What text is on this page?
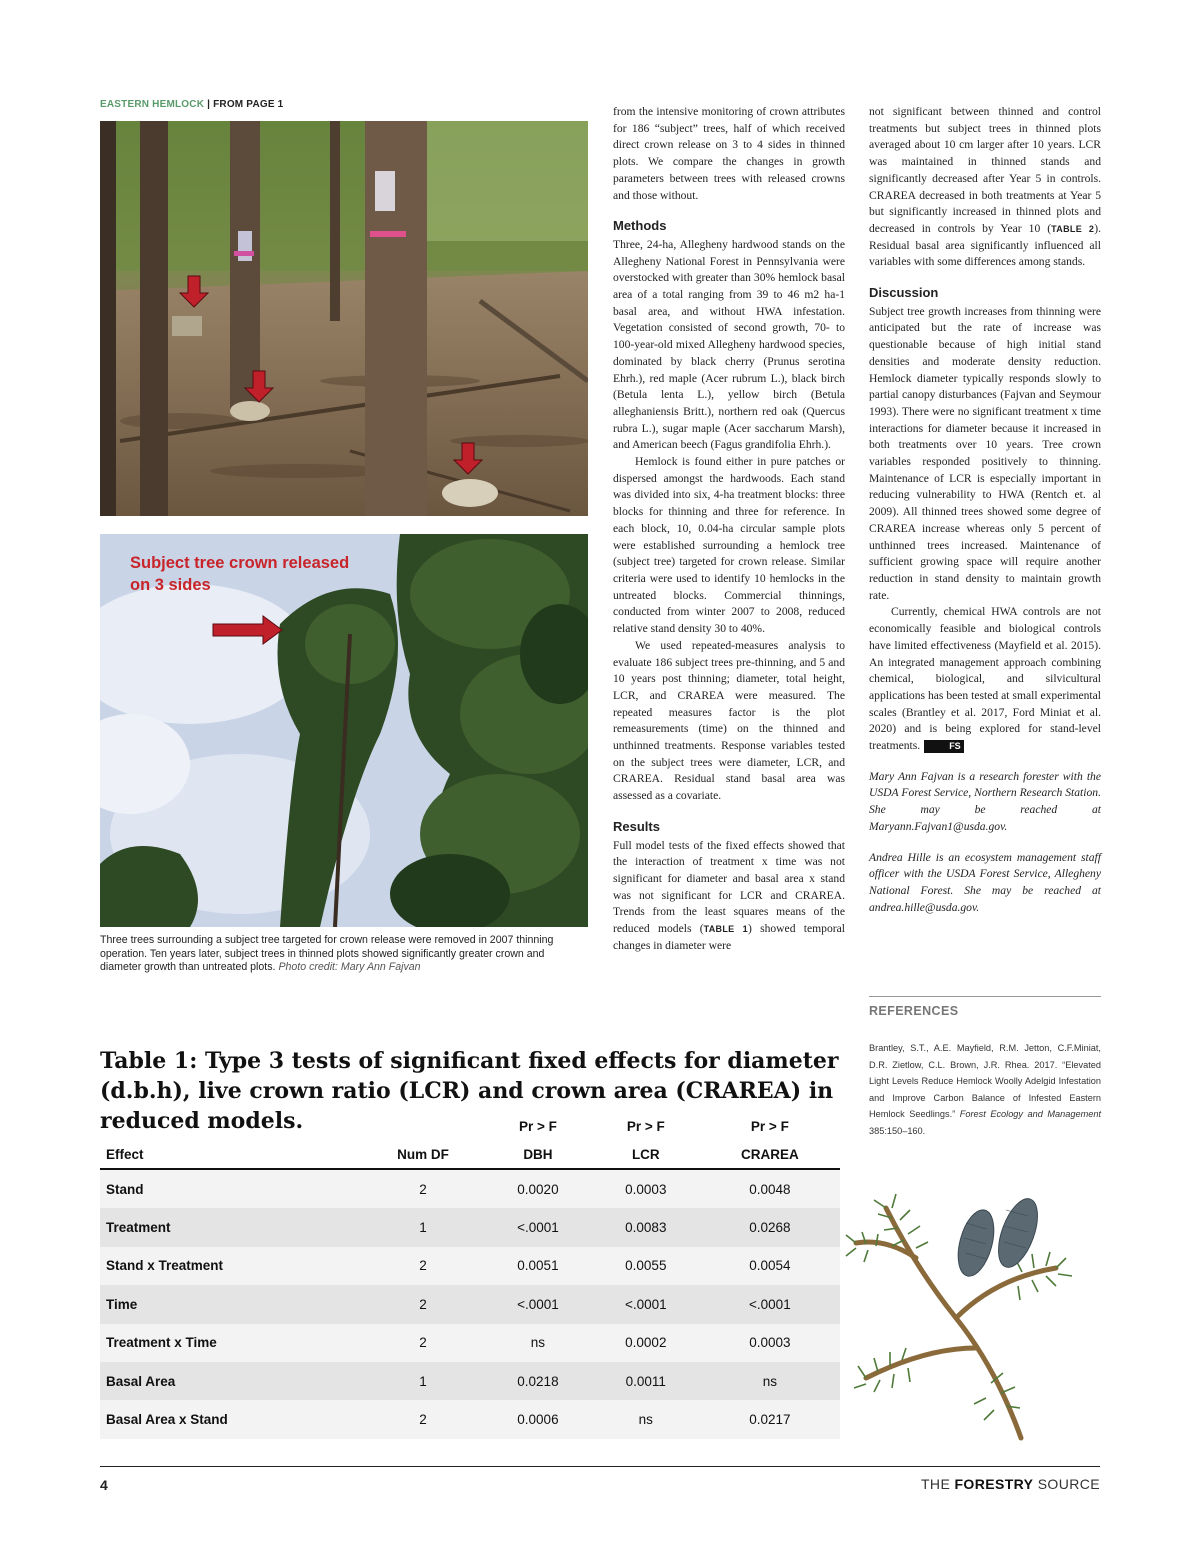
EASTERN HEMLOCK | FROM PAGE 1
Subject tree crown released on 3 sides
Three trees surrounding a subject tree targeted for crown release were removed in 2007 thinning operation. Ten years later, subject trees in thinned plots showed significantly greater crown and diameter growth than untreated plots. Photo credit: Mary Ann Fajvan

from the intensive monitoring of crown attributes for 186 “subject” trees, half of which received direct crown release on 3 to 4 sides in thinned plots. We compare the changes in growth parameters between trees with released crowns and those without.

Methods

Three, 24-ha, Allegheny hardwood stands on the Allegheny National Forest in Pennsylvania were overstocked with greater than 30% hemlock basal area of a total ranging from 39 to 46 m2 ha-1 basal area, and without HWA infestation. Vegetation consisted of second growth, 70- to 100-year-old mixed Allegheny hardwood species, dominated by black cherry (Prunus serotina Ehrh.), red maple (Acer rubrum L.), black birch (Betula lenta L.), yellow birch (Betula alleghaniensis Britt.), northern red oak (Quercus rubra L.), sugar maple (Acer saccharum Marsh), and American beech (Fagus grandifolia Ehrh.).

Hemlock is found either in pure patches or dispersed amongst the hardwoods. Each stand was divided into six, 4-ha treatment blocks: three blocks for thinning and three for reference. In each block, 10, 0.04-ha circular sample plots were established surrounding a hemlock tree (subject tree) targeted for crown release. Similar criteria were used to identify 10 hemlocks in the untreated blocks. Commercial thinnings, conducted from winter 2007 to 2008, reduced relative stand density 30 to 40%.

We used repeated-measures analysis to evaluate 186 subject trees pre-thinning, and 5 and 10 years post thinning; diameter, total height, LCR, and CRAREA were measured. The repeated measures factor is the plot remeasurements (time) on the thinned and unthinned treatments. Response variables tested on the subject trees were diameter, LCR, and CRAREA. Residual stand basal area was assessed as a covariate.

Results

Full model tests of the fixed effects showed that the interaction of treatment x time was not significant for diameter and basal area x stand was not significant for LCR and CRAREA. Trends from the least squares means of the reduced models (TABLE 1) showed temporal changes in diameter were

not significant between thinned and control treatments but subject trees in thinned plots averaged about 10 cm larger after 10 years. LCR was maintained in thinned stands and significantly decreased after Year 5 in controls. CRAREA decreased in both treatments at Year 5 but significantly increased in thinned plots and decreased in controls by Year 10 (TABLE 2). Residual basal area significantly influenced all variables with some differences among stands.

Discussion

Subject tree growth increases from thinning were anticipated but the rate of increase was questionable because of high initial stand densities and moderate density reduction. Hemlock diameter typically responds slowly to partial canopy disturbances (Fajvan and Seymour 1993). There were no significant treatment x time interactions for diameter because it increased in both treatments over 10 years. Tree crown variables responded positively to thinning. Maintenance of LCR is especially important in reducing vulnerability to HWA (Rentch et. al 2009). All thinned trees showed some degree of CRAREA increase whereas only 5 percent of unthinned trees increased. Maintenance of sufficient growing space will require another reduction in stand density to maintain growth rate.

Currently, chemical HWA controls are not economically feasible and biological controls have limited effectiveness (Mayfield et al. 2015). An integrated management approach combining chemical, biological, and silvicultural applications has been tested at small experimental scales (Brantley et al. 2017, Ford Miniat et al. 2020) and is being explored for stand-level treatments.	FS

Mary Ann Fajvan is a research forester with the USDA Forest Service, Northern Research Station. She may be reached at Maryann.Fajvan1@usda.gov.

Andrea Hille is an ecosystem management staff officer with the USDA Forest Service, Allegheny National Forest. She may be reached at andrea.hille@usda.gov.

REFERENCES
Brantley, S.T., A.E. Mayfield, R.M. Jetton, C.F.Miniat, D.R. Zietlow, C.L. Brown, J.R. Rhea. 2017. “Elevated Light Levels Reduce Hemlock Woolly Adelgid Infestation and Improve Carbon Balance of Infested Eastern Hemlock Seedlings.” Forest Ecology and Management 385:150–160.
Table 1: Type 3 tests of significant fixed effects for diameter (d.b.h), live crown ratio (LCR) and crown area (CRAREA) in reduced models.
			Pr > F	Pr > F	Pr > F
Effect	Num DF	DBH	LCR	CRAREA
Stand	2	0.0020	0.0003	0.0048
Treatment	1	<.0001	0.0083	0.0268
Stand x Treatment	2	0.0051	0.0055	0.0054
Time	2	<.0001	<.0001	<.0001
Treatment x Time	2	ns	0.0002	0.0003
Basal Area	1	0.0218	0.0011	ns
Basal Area x Stand	2	0.0006	ns	0.0217
4	THE FORESTRY SOURCE
